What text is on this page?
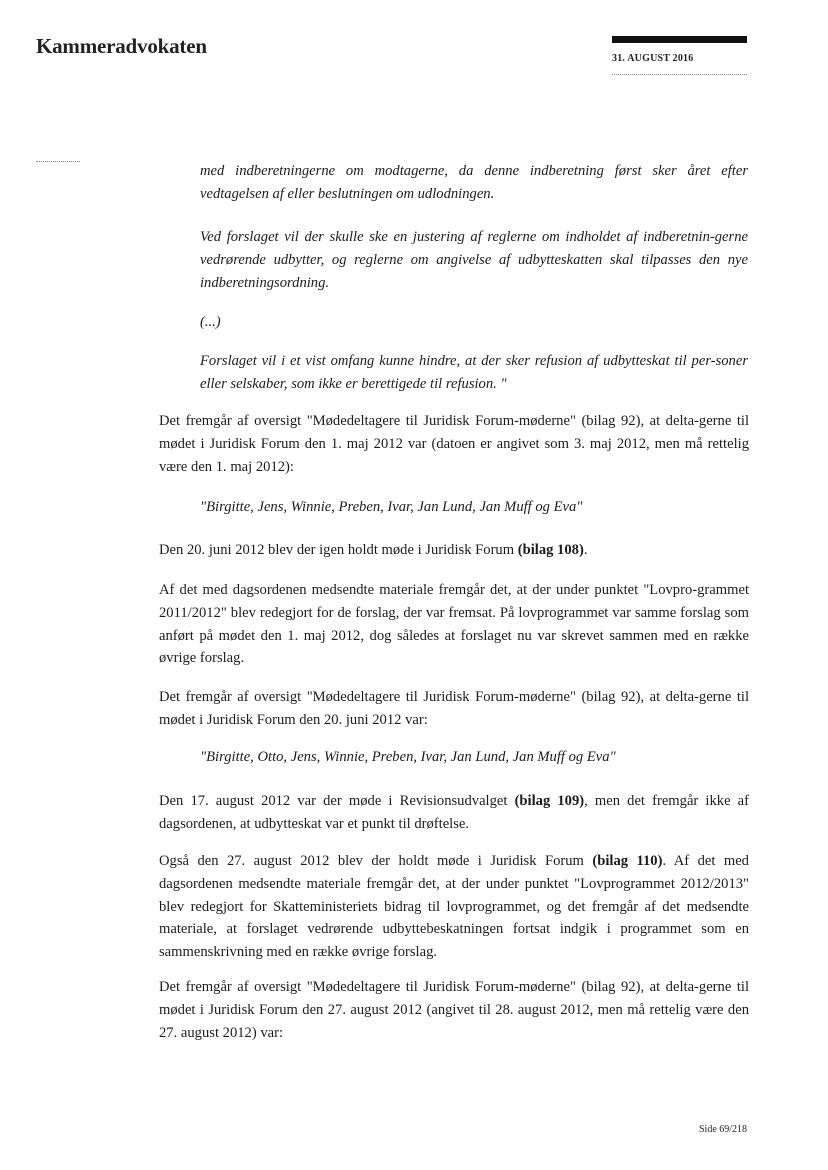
Kammeradvokaten
31. AUGUST 2016
med indberetningerne om modtagerne, da denne indberetning først sker året efter vedtagelsen af eller beslutningen om udlodningen.
Ved forslaget vil der skulle ske en justering af reglerne om indholdet af indberetnin-gerne vedrørende udbytter, og reglerne om angivelse af udbytteskatten skal tilpasses den nye indberetningsordning.
(...)
Forslaget vil i et vist omfang kunne hindre, at der sker refusion af udbytteskat til per-soner eller selskaber, som ikke er berettigede til refusion. "
Det fremgår af oversigt "Mødedeltagere til Juridisk Forum-møderne" (bilag 92), at delta-gerne til mødet i Juridisk Forum den 1. maj 2012 var (datoen er angivet som 3. maj 2012, men må rettelig være den 1. maj 2012):
"Birgitte, Jens, Winnie, Preben, Ivar, Jan Lund, Jan Muff og Eva"
Den 20. juni 2012 blev der igen holdt møde i Juridisk Forum (bilag 108).
Af det med dagsordenen medsendte materiale fremgår det, at der under punktet "Lovpro-grammet 2011/2012" blev redegjort for de forslag, der var fremsat. På lovprogrammet var samme forslag som anført på mødet den 1. maj 2012, dog således at forslaget nu var skrevet sammen med en række øvrige forslag.
Det fremgår af oversigt "Mødedeltagere til Juridisk Forum-møderne" (bilag 92), at delta-gerne til mødet i Juridisk Forum den 20. juni 2012 var:
"Birgitte, Otto, Jens, Winnie, Preben, Ivar, Jan Lund, Jan Muff og Eva"
Den 17. august 2012 var der møde i Revisionsudvalget (bilag 109), men det fremgår ikke af dagsordenen, at udbytteskat var et punkt til drøftelse.
Også den 27. august 2012 blev der holdt møde i Juridisk Forum (bilag 110). Af det med dagsordenen medsendte materiale fremgår det, at der under punktet "Lovprogrammet 2012/2013" blev redegjort for Skatteministeriets bidrag til lovprogrammet, og det fremgår af det medsendte materiale, at forslaget vedrørende udbyttebeskatningen fortsat indgik i programmet som en sammenskrivning med en række øvrige forslag.
Det fremgår af oversigt "Mødedeltagere til Juridisk Forum-møderne" (bilag 92), at delta-gerne til mødet i Juridisk Forum den 27. august 2012 (angivet til 28. august 2012, men må rettelig være den 27. august 2012) var:
Side 69/218
